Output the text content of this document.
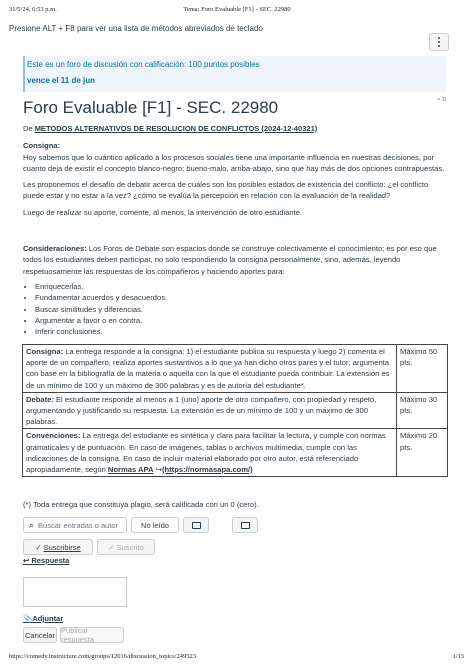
31/5/24, 6:53 p.m.	Tema: Foro Evaluable [F1] - SEC. 22980
Presione ALT + F8 para ver una lista de métodos abreviados de teclado
Este es un foro de discusión con calificación: 100 puntos posibles
vence el 11 de jun
↗ 11
Foro Evaluable [F1] - SEC. 22980
De METODOS ALTERNATIVOS DE RESOLUCION DE CONFLICTOS (2024-12-40321)
Consigna:
Hoy sabemos que lo cuántico aplicado a los procesos sociales tiene una importante influencia en nuestras decisiones, por cuanto deja de existir el concepto blanco-negro; bueno-malo, arriba-abajo, sino que hay más de dos opciones contrapuestas.
Les proponemos el desafío de debatir acerca de cuáles son los posibles estados de existencia del conflicto: ¿el conflicto puede estar y no estar a la vez? ¿cómo se evalúa la percepción en relación con la evaluación de la realidad?
Luego de realizar su aporte, comente, al menos, la intervención de otro estudiante.
Consideraciones: Los Foros de Debate son espacios donde se construye colectivamente el conocimiento; es por eso que todos los estudiantes deben participar, no solo respondiendo la consigna personalmente, sino, además, leyendo respetuosamente las respuestas de los compañeros y haciendo aportes para:
• Enriquecerlas.
• Fundamentar acuerdos y desacuerdos.
• Buscar similitudes y diferencias.
• Argumentar a favor o en contra.
• Inferir conclusiones.
Consigna: La entrega responde a la consigna: 1) el estudiante publica su respuesta y luego 2) comenta el aporte de un compañero; realiza aportes sustantivos a lo que ya han dicho otros pares y el tutor; argumenta con base en la bibliografía de la materia o aquella con la que el estudiante pueda contribuir. La extensión es de un mínimo de 100 y un máximo de 300 palabras y es de autoría del estudiante*.	Máximo 50 pts.
Debate: El estudiante responde al menos a 1 (uno) aporte de otro compañero, con propiedad y respeto, argumentando y justificando su respuesta. La extensión es de un mínimo de 100 y un máximo de 300 palabras.	Máximo 30 pts.
Convenciones: La entrega del estudiante es sintética y clara para facilitar la lectura, y cumple con normas gramaticales y de puntuación. En caso de imágenes, tablas o archivos multimedia, cumple con las indicaciones de la consigna. En caso de incluir material elaborado por otro autor, está referenciado apropiadamente, según Normas APA ↪(https://normasapa.com/)	Máximo 20 pts.
(*) Toda entrega que constituya plagio, será calificada con un 0 (cero).
⌕ Buscar entradas o autor	No leído
✓ Suscribirse	✓ Suscrito
↩ Respuesta
📎Adjuntar
Cancelar Publicar respuesta
https://comedy.instructure.com/groups/12016/discussion_topics/249523	1/13
